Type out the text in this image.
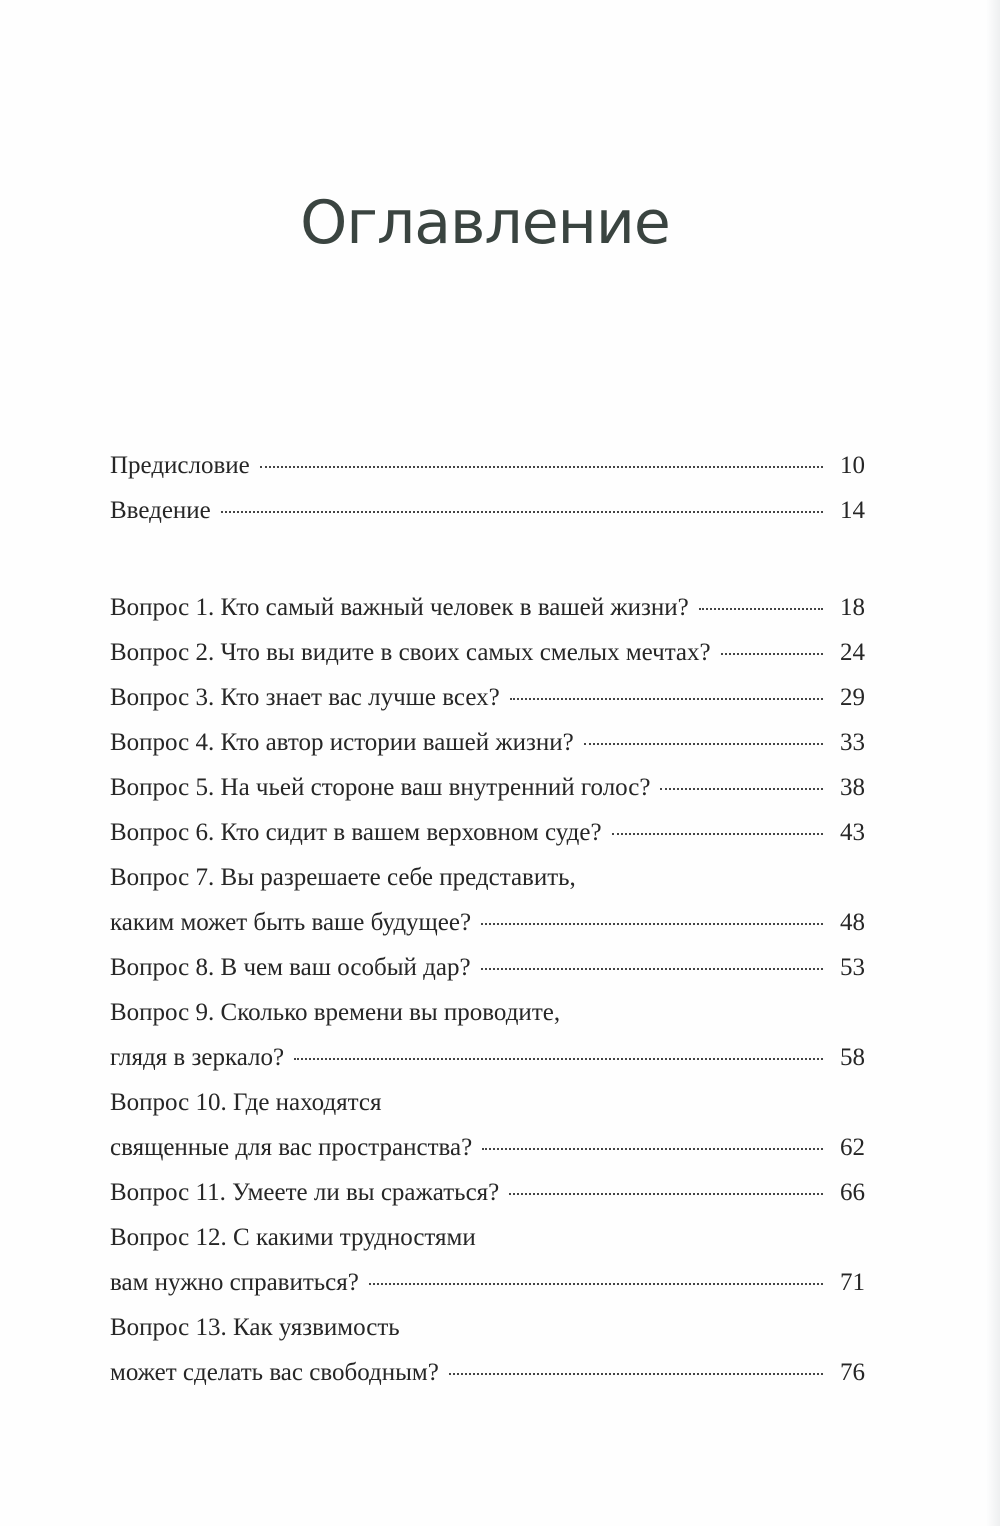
Оглавление
Предисловие	10
Введение	14
Вопрос 1. Кто самый важный человек в вашей жизни?	18
Вопрос 2. Что вы видите в своих самых смелых мечтах?	24
Вопрос 3. Кто знает вас лучше всех?	29
Вопрос 4. Кто автор истории вашей жизни?	33
Вопрос 5. На чьей стороне ваш внутренний голос?	38
Вопрос 6. Кто сидит в вашем верховном суде?	43
Вопрос 7. Вы разрешаете себе представить,
каким может быть ваше будущее?	48
Вопрос 8. В чем ваш особый дар?	53
Вопрос 9. Сколько времени вы проводите,
глядя в зеркало?	58
Вопрос 10. Где находятся
священные для вас пространства?	62
Вопрос 11. Умеете ли вы сражаться?	66
Вопрос 12. С какими трудностями
вам нужно справиться?	71
Вопрос 13. Как уязвимость
может сделать вас свободным?	76
